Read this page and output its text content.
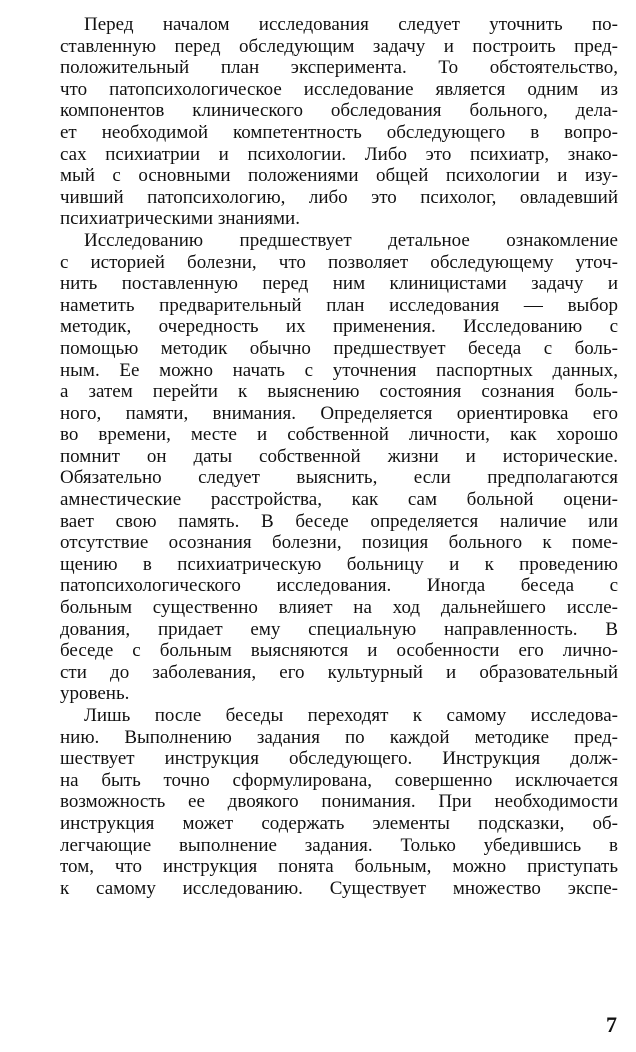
Перед началом исследования следует уточнить по-
ставленную перед обследующим задачу и построить пред-
положительный план эксперимента. То обстоятельство,
что патопсихологическое исследование является одним из
компонентов клинического обследования больного, дела-
ет необходимой компетентность обследующего в вопро-
сах психиатрии и психологии. Либо это психиатр, знако-
мый с основными положениями общей психологии и изу-
чивший патопсихологию, либо это психолог, овладевший
психиатрическими знаниями.
Исследованию предшествует детальное ознакомление
с историей болезни, что позволяет обследующему уточ-
нить поставленную перед ним клиницистами задачу и
наметить предварительный план исследования — выбор
методик, очередность их применения. Исследованию с
помощью методик обычно предшествует беседа с боль-
ным. Ее можно начать с уточнения паспортных данных,
а затем перейти к выяснению состояния сознания боль-
ного, памяти, внимания. Определяется ориентировка его
во времени, месте и собственной личности, как хорошо
помнит он даты собственной жизни и исторические.
Обязательно следует выяснить, если предполагаются
амнестические расстройства, как сам больной оцени-
вает свою память. В беседе определяется наличие или
отсутствие осознания болезни, позиция больного к поме-
щению в психиатрическую больницу и к проведению
патопсихологического исследования. Иногда беседа с
больным существенно влияет на ход дальнейшего иссле-
дования, придает ему специальную направленность. В
беседе с больным выясняются и особенности его лично-
сти до заболевания, его культурный и образовательный
уровень.
Лишь после беседы переходят к самому исследова-
нию. Выполнению задания по каждой методике пред-
шествует инструкция обследующего. Инструкция долж-
на быть точно сформулирована, совершенно исключается
возможность ее двоякого понимания. При необходимости
инструкция может содержать элементы подсказки, об-
легчающие выполнение задания. Только убедившись в
том, что инструкция понята больным, можно приступать
к самому исследованию. Существует множество экспе-
7
